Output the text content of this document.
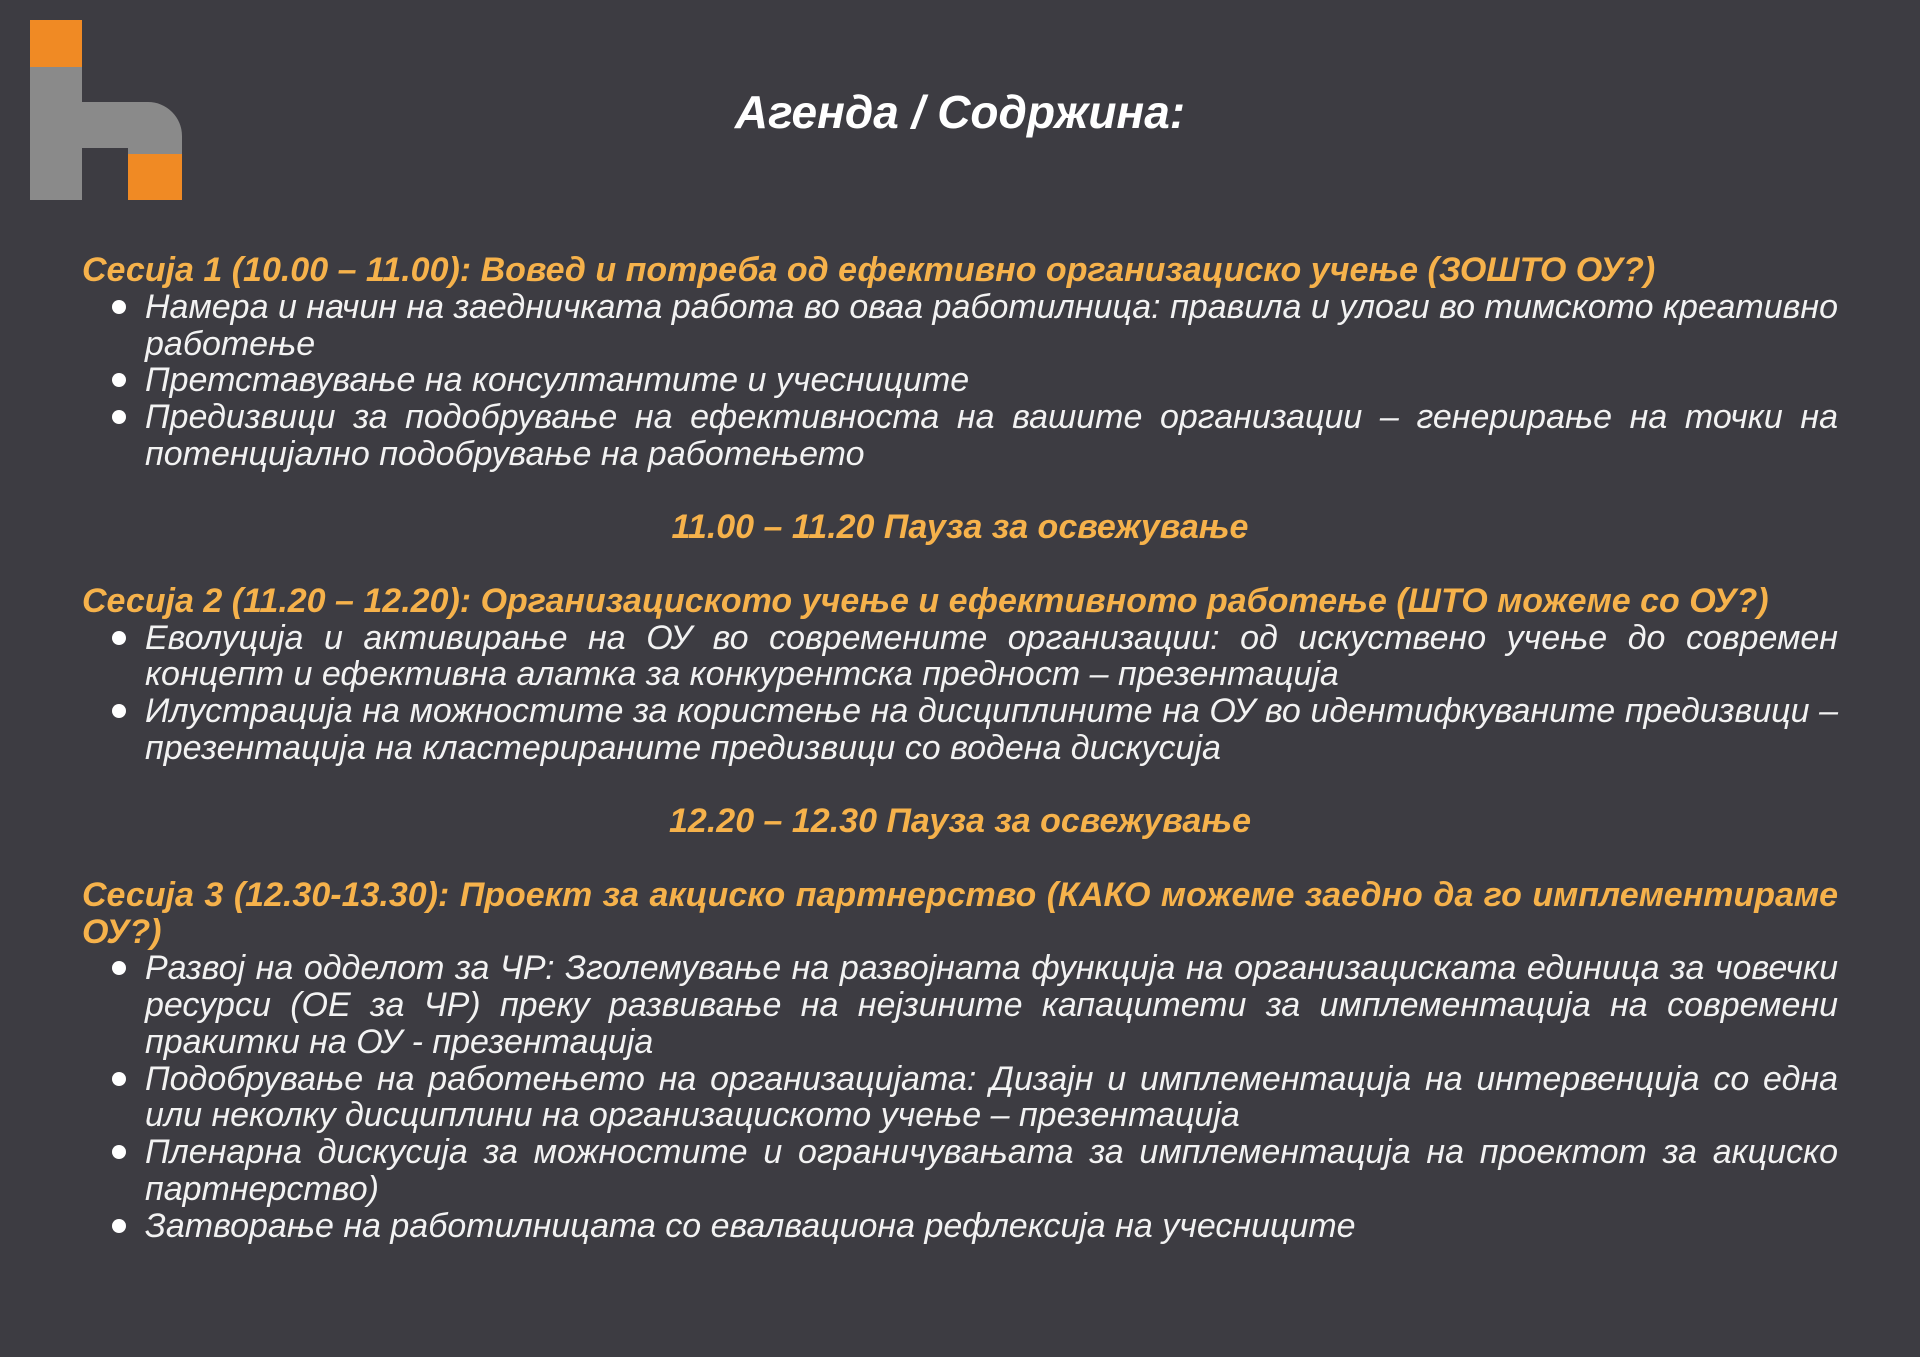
Агенда / Содржина:

Сесија 1 (10.00 – 11.00): Вовед и потреба од ефективно организациско учење (ЗОШТО ОУ?)

Намера и начин на заедничката работа во оваа работилница: правила и улоги во тимското креативно работење
Претставување на консултантите и учесниците
Предизвици за подобрување на ефективноста на вашите организации – генерирање на точки на потенцијално подобрување на работењето

11.00 – 11.20 Пауза за освежување

Сесија 2 (11.20 – 12.20): Организациското учење и ефективното работење (ШТО можеме со ОУ?)

Еволуција и активирање на ОУ во современите организации: од искуствено учење до современ концепт и ефективна алатка за конкурентска предност – презентација
Илустрација на можностите за користење на дисциплините на ОУ во идентифкуваните предизвици – презентација на кластерираните предизвици со водена дискусија

12.20 – 12.30 Пауза за освежување

Сесија 3 (12.30-13.30): Проект за акциско партнерство (КАКО можеме заедно да го имплементираме ОУ?)

Развој на одделот за ЧР: Зголемување на развојната функција на организациската единица за човечки ресурси (ОЕ за ЧР) преку развивање на нејзините капацитети за имплементација на современи пракитки на ОУ - презентација
Подобрување на работењето на организацијата: Дизајн и имплементација на интервенција со една или неколку дисциплини на организациското учење – презентација
Пленарна дискусија за можностите и ограничувањата за имплементација на проектот за акциско партнерство)
Затворање на работилницата со евалвациона рефлексија на учесниците
